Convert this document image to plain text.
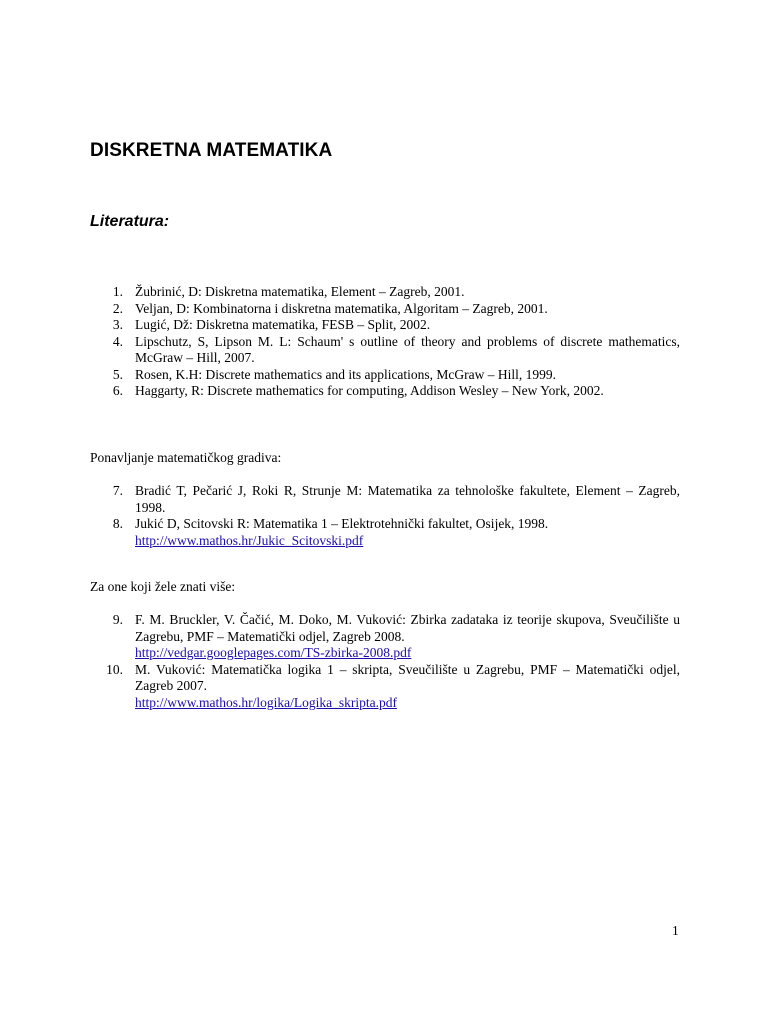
DISKRETNA MATEMATIKA
Literatura:
1. Žubrinić, D: Diskretna matematika, Element – Zagreb, 2001.
2. Veljan, D: Kombinatorna i diskretna matematika, Algoritam – Zagreb, 2001.
3. Lugić, Dž: Diskretna matematika, FESB – Split, 2002.
4. Lipschutz, S, Lipson M. L: Schaum' s outline of theory and problems of discrete mathematics, McGraw – Hill, 2007.
5. Rosen, K.H: Discrete mathematics and its applications, McGraw – Hill, 1999.
6. Haggarty, R: Discrete mathematics for computing, Addison Wesley – New York, 2002.
Ponavljanje matematičkog gradiva:
7. Bradić T, Pečarić J, Roki R, Strunje M: Matematika za tehnološke fakultete, Element – Zagreb, 1998.
8. Jukić D, Scitovski R: Matematika 1 – Elektrotehnički fakultet, Osijek, 1998.
http://www.mathos.hr/Jukic_Scitovski.pdf
Za one koji žele znati više:
9. F. M. Bruckler, V. Čačić, M. Doko, M. Vuković: Zbirka zadataka iz teorije skupova, Sveučilište u Zagrebu, PMF – Matematički odjel, Zagreb 2008.
http://vedgar.googlepages.com/TS-zbirka-2008.pdf
10. M. Vuković: Matematička logika 1 – skripta, Sveučilište u Zagrebu, PMF – Matematički odjel, Zagreb 2007.
http://www.mathos.hr/logika/Logika_skripta.pdf
1
